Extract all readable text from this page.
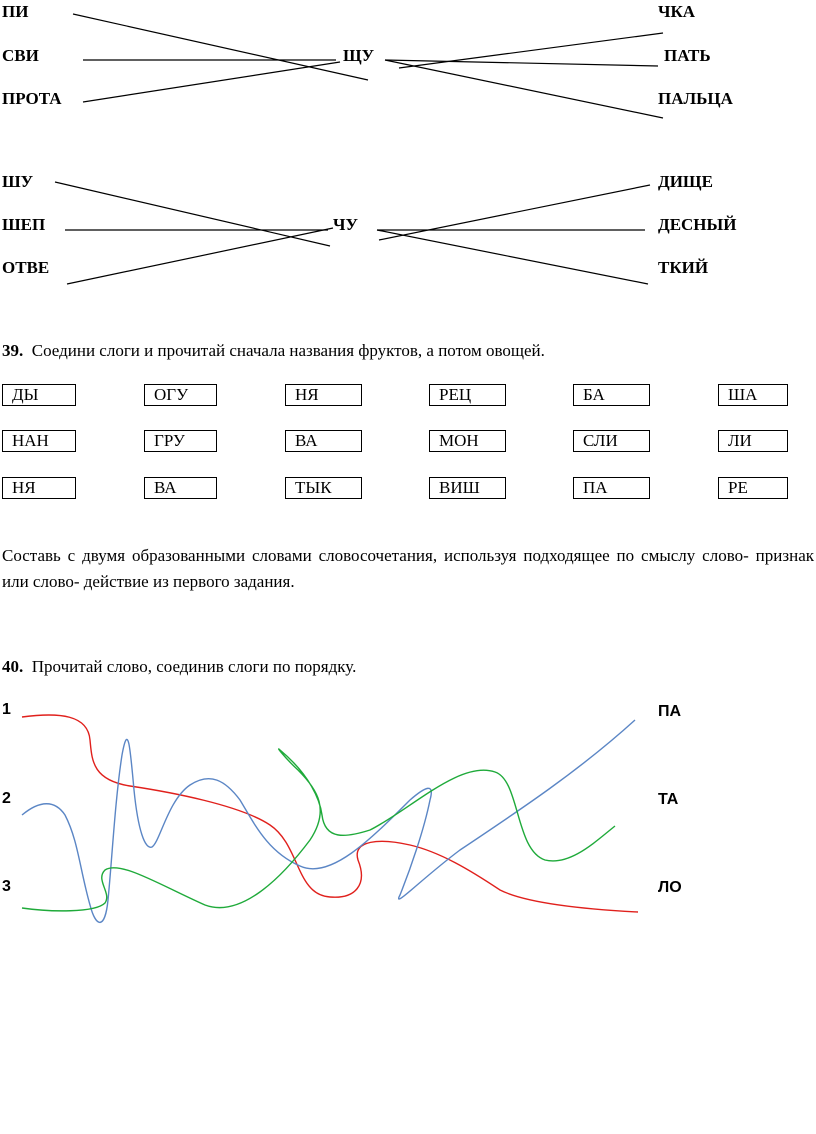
ПИ
СВИ
ПРОТА
ЩУ
ЧКА
ПАТЬ
ПАЛЬЦА
ШУ
ШЕП
ОТВЕ
ЧУ
ДИЩЕ
ДЕСНЫЙ
ТКИЙ
39. Соедини слоги и прочитай сначала названия фруктов, а потом овощей.
ДЫ	ОГУ	НЯ	РЕЦ	БА	ША
НАН	ГРУ	ВА	МОН	СЛИ	ЛИ
НЯ	ВА	ТЫК	ВИШ	ПА	РЕ
Составь с двумя образованными словами словосочетания, используя подходящее по смыслу слово- признак или слово- действие из первого задания.
40. Прочитай слово, соединив слоги по порядку.
1
2
3
ПА
ТА
ЛО
